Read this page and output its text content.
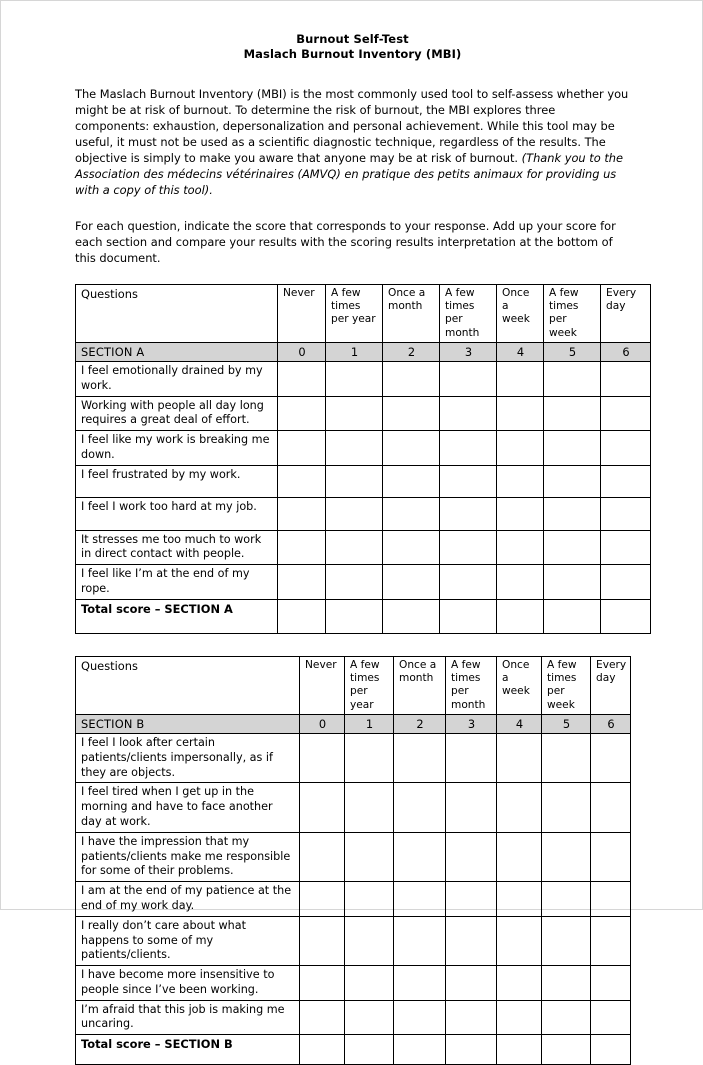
Burnout Self-Test
Maslach Burnout Inventory (MBI)

The Maslach Burnout Inventory (MBI) is the most commonly used tool to self-assess whether you might be at risk of burnout. To determine the risk of burnout, the MBI explores three components: exhaustion, depersonalization and personal achievement. While this tool may be useful, it must not be used as a scientific diagnostic technique, regardless of the results. The objective is simply to make you aware that anyone may be at risk of burnout. (Thank you to the Association des médecins vétérinaires (AMVQ) en pratique des petits animaux for providing us with a copy of this tool).

For each question, indicate the score that corresponds to your response. Add up your score for each section and compare your results with the scoring results interpretation at the bottom of this document.

Questions	Never	A few times per year	Once a month	A few times per month	Once a week	A few times per week	Every day
SECTION A	0	1	2	3	4	5	6
I feel emotionally drained by my work.							
Working with people all day long requires a great deal of effort.							
I feel like my work is breaking me down.							
I feel frustrated by my work.							
I feel I work too hard at my job.							
It stresses me too much to work in direct contact with people.							
I feel like I’m at the end of my rope.							
Total score – SECTION A							
Questions	Never	A few times per year	Once a month	A few times per month	Once a week	A few times per week	Every day
SECTION B	0	1	2	3	4	5	6
I feel I look after certain patients/clients impersonally, as if they are objects.							
I feel tired when I get up in the morning and have to face another day at work.							
I have the impression that my patients/clients make me responsible for some of their problems.							
I am at the end of my patience at the end of my work day.							
I really don’t care about what happens to some of my patients/clients.							
I have become more insensitive to people since I’ve been working.							
I’m afraid that this job is making me uncaring.							
Total score – SECTION B							
